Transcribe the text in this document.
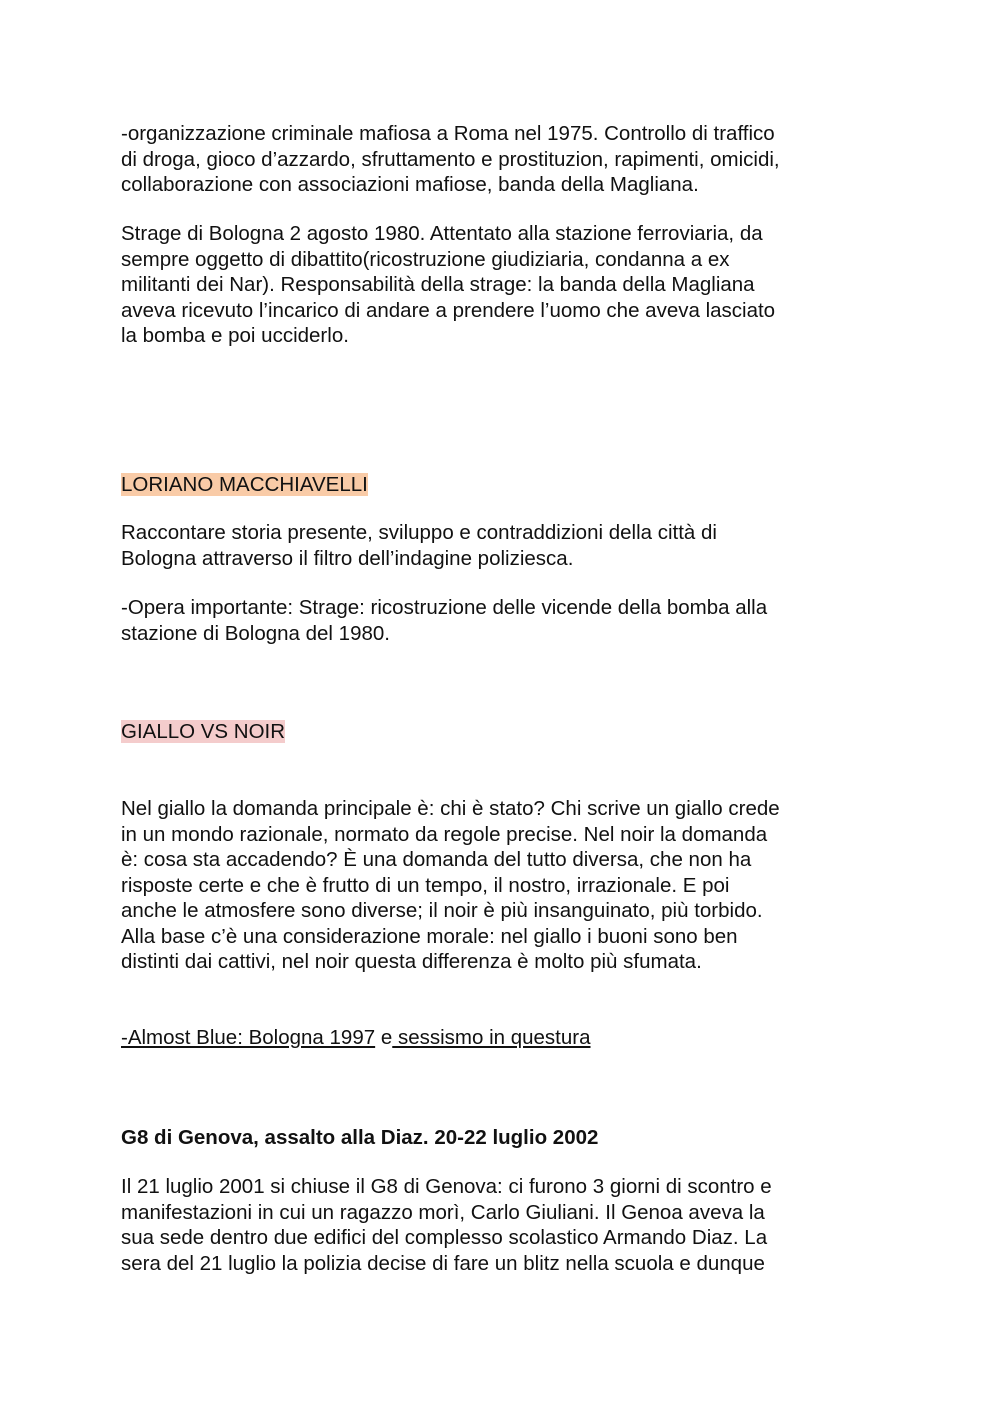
-organizzazione criminale mafiosa a Roma nel 1975. Controllo di traffico
di droga, gioco d’azzardo, sfruttamento e prostituzion, rapimenti, omicidi,
collaborazione con associazioni mafiose, banda della Magliana.

Strage di Bologna 2 agosto 1980. Attentato alla stazione ferroviaria, da
sempre oggetto di dibattito(ricostruzione giudiziaria, condanna a ex
militanti dei Nar). Responsabilità della strage: la banda della Magliana
aveva ricevuto l’incarico di andare a prendere l’uomo che aveva lasciato
la bomba e poi ucciderlo.

LORIANO MACCHIAVELLI

Raccontare storia presente, sviluppo e contraddizioni della città di
Bologna attraverso il filtro dell’indagine poliziesca.

-Opera importante: Strage: ricostruzione delle vicende della bomba alla
stazione di Bologna del 1980.

GIALLO VS NOIR

Nel giallo la domanda principale è: chi è stato? Chi scrive un giallo crede
in un mondo razionale, normato da regole precise. Nel noir la domanda
è: cosa sta accadendo? È una domanda del tutto diversa, che non ha
risposte certe e che è frutto di un tempo, il nostro, irrazionale. E poi
anche le atmosfere sono diverse; il noir è più insanguinato, più torbido.
Alla base c’è una considerazione morale: nel giallo i buoni sono ben
distinti dai cattivi, nel noir questa differenza è molto più sfumata.

-Almost Blue: Bologna 1997 e sessismo in questura
G8 di Genova, assalto alla Diaz. 20-22 luglio 2002

Il 21 luglio 2001 si chiuse il G8 di Genova: ci furono 3 giorni di scontro e
manifestazioni in cui un ragazzo morì, Carlo Giuliani. Il Genoa aveva la
sua sede dentro due edifici del complesso scolastico Armando Diaz. La
sera del 21 luglio la polizia decise di fare un blitz nella scuola e dunque
